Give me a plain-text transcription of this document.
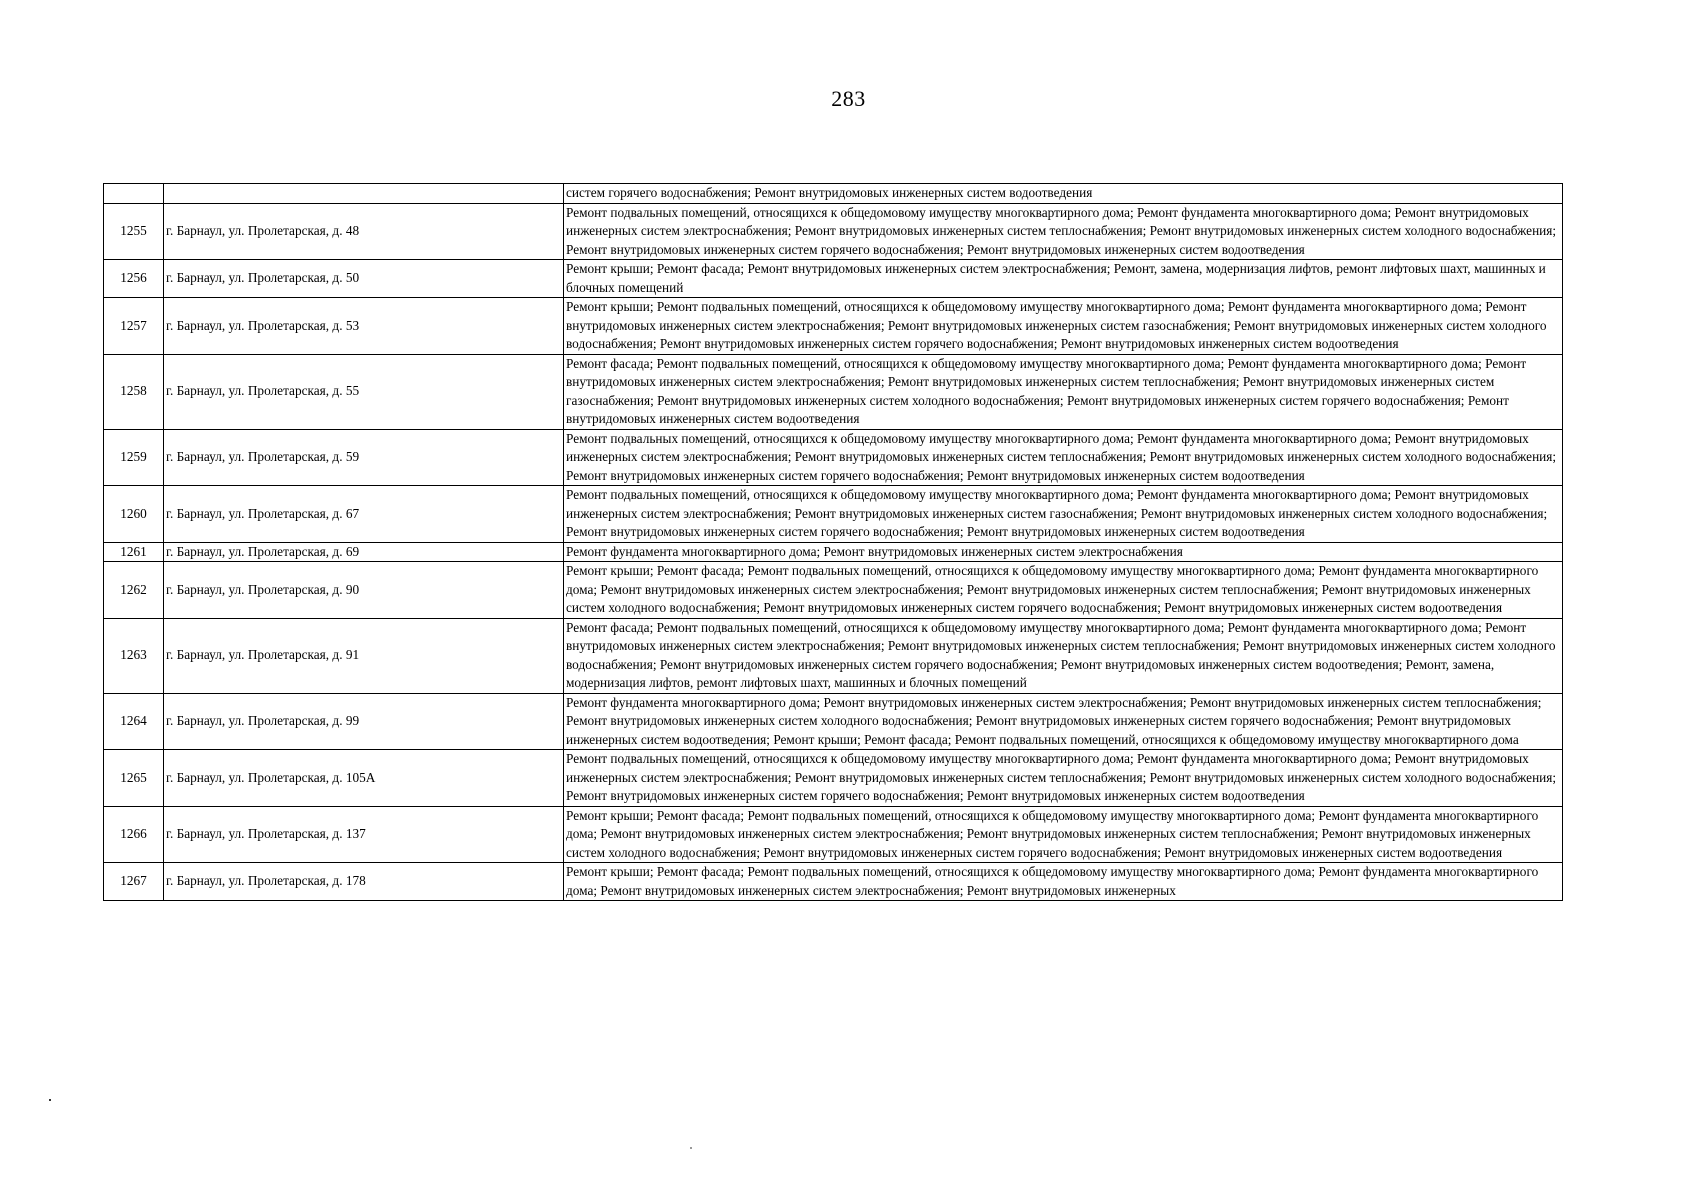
283
		систем горячего водоснабжения; Ремонт внутридомовых инженерных систем водоотведения
1255	г. Барнаул, ул. Пролетарская, д. 48	Ремонт подвальных помещений, относящихся к общедомовому имуществу многоквартирного дома; Ремонт фундамента многоквартирного дома; Ремонт внутридомовых инженерных систем электроснабжения; Ремонт внутридомовых инженерных систем теплоснабжения; Ремонт внутридомовых инженерных систем холодного водоснабжения; Ремонт внутридомовых инженерных систем горячего водоснабжения; Ремонт внутридомовых инженерных систем водоотведения
1256	г. Барнаул, ул. Пролетарская, д. 50	Ремонт крыши; Ремонт фасада; Ремонт внутридомовых инженерных систем электроснабжения; Ремонт, замена, модернизация лифтов, ремонт лифтовых шахт, машинных и блочных помещений
1257	г. Барнаул, ул. Пролетарская, д. 53	Ремонт крыши; Ремонт подвальных помещений, относящихся к общедомовому имуществу многоквартирного дома; Ремонт фундамента многоквартирного дома; Ремонт внутридомовых инженерных систем электроснабжения; Ремонт внутридомовых инженерных систем газоснабжения; Ремонт внутридомовых инженерных систем холодного водоснабжения; Ремонт внутридомовых инженерных систем горячего водоснабжения; Ремонт внутридомовых инженерных систем водоотведения
1258	г. Барнаул, ул. Пролетарская, д. 55	Ремонт фасада; Ремонт подвальных помещений, относящихся к общедомовому имуществу многоквартирного дома; Ремонт фундамента многоквартирного дома; Ремонт внутридомовых инженерных систем электроснабжения; Ремонт внутридомовых инженерных систем теплоснабжения; Ремонт внутридомовых инженерных систем газоснабжения; Ремонт внутридомовых инженерных систем холодного водоснабжения; Ремонт внутридомовых инженерных систем горячего водоснабжения; Ремонт внутридомовых инженерных систем водоотведения
1259	г. Барнаул, ул. Пролетарская, д. 59	Ремонт подвальных помещений, относящихся к общедомовому имуществу многоквартирного дома; Ремонт фундамента многоквартирного дома; Ремонт внутридомовых инженерных систем электроснабжения; Ремонт внутридомовых инженерных систем теплоснабжения; Ремонт внутридомовых инженерных систем холодного водоснабжения; Ремонт внутридомовых инженерных систем горячего водоснабжения; Ремонт внутридомовых инженерных систем водоотведения
1260	г. Барнаул, ул. Пролетарская, д. 67	Ремонт подвальных помещений, относящихся к общедомовому имуществу многоквартирного дома; Ремонт фундамента многоквартирного дома; Ремонт внутридомовых инженерных систем электроснабжения; Ремонт внутридомовых инженерных систем газоснабжения; Ремонт внутридомовых инженерных систем холодного водоснабжения; Ремонт внутридомовых инженерных систем горячего водоснабжения; Ремонт внутридомовых инженерных систем водоотведения
1261	г. Барнаул, ул. Пролетарская, д. 69	Ремонт фундамента многоквартирного дома; Ремонт внутридомовых инженерных систем электроснабжения
1262	г. Барнаул, ул. Пролетарская, д. 90	Ремонт крыши; Ремонт фасада; Ремонт подвальных помещений, относящихся к общедомовому имуществу многоквартирного дома; Ремонт фундамента многоквартирного дома; Ремонт внутридомовых инженерных систем электроснабжения; Ремонт внутридомовых инженерных систем теплоснабжения; Ремонт внутридомовых инженерных систем холодного водоснабжения; Ремонт внутридомовых инженерных систем горячего водоснабжения; Ремонт внутридомовых инженерных систем водоотведения
1263	г. Барнаул, ул. Пролетарская, д. 91	Ремонт фасада; Ремонт подвальных помещений, относящихся к общедомовому имуществу многоквартирного дома; Ремонт фундамента многоквартирного дома; Ремонт внутридомовых инженерных систем электроснабжения; Ремонт внутридомовых инженерных систем теплоснабжения; Ремонт внутридомовых инженерных систем холодного водоснабжения; Ремонт внутридомовых инженерных систем горячего водоснабжения; Ремонт внутридомовых инженерных систем водоотведения; Ремонт, замена, модернизация лифтов, ремонт лифтовых шахт, машинных и блочных помещений
1264	г. Барнаул, ул. Пролетарская, д. 99	Ремонт фундамента многоквартирного дома; Ремонт внутридомовых инженерных систем электроснабжения; Ремонт внутридомовых инженерных систем теплоснабжения; Ремонт внутридомовых инженерных систем холодного водоснабжения; Ремонт внутридомовых инженерных систем горячего водоснабжения; Ремонт внутридомовых инженерных систем водоотведения; Ремонт крыши; Ремонт фасада; Ремонт подвальных помещений, относящихся к общедомовому имуществу многоквартирного дома
1265	г. Барнаул, ул. Пролетарская, д. 105А	Ремонт подвальных помещений, относящихся к общедомовому имуществу многоквартирного дома; Ремонт фундамента многоквартирного дома; Ремонт внутридомовых инженерных систем электроснабжения; Ремонт внутридомовых инженерных систем теплоснабжения; Ремонт внутридомовых инженерных систем холодного водоснабжения; Ремонт внутридомовых инженерных систем горячего водоснабжения; Ремонт внутридомовых инженерных систем водоотведения
1266	г. Барнаул, ул. Пролетарская, д. 137	Ремонт крыши; Ремонт фасада; Ремонт подвальных помещений, относящихся к общедомовому имуществу многоквартирного дома; Ремонт фундамента многоквартирного дома; Ремонт внутридомовых инженерных систем электроснабжения; Ремонт внутридомовых инженерных систем теплоснабжения; Ремонт внутридомовых инженерных систем холодного водоснабжения; Ремонт внутридомовых инженерных систем горячего водоснабжения; Ремонт внутридомовых инженерных систем водоотведения
1267	г. Барнаул, ул. Пролетарская, д. 178	Ремонт крыши; Ремонт фасада; Ремонт подвальных помещений, относящихся к общедомовому имуществу многоквартирного дома; Ремонт фундамента многоквартирного дома; Ремонт внутридомовых инженерных систем электроснабжения; Ремонт внутридомовых инженерных
